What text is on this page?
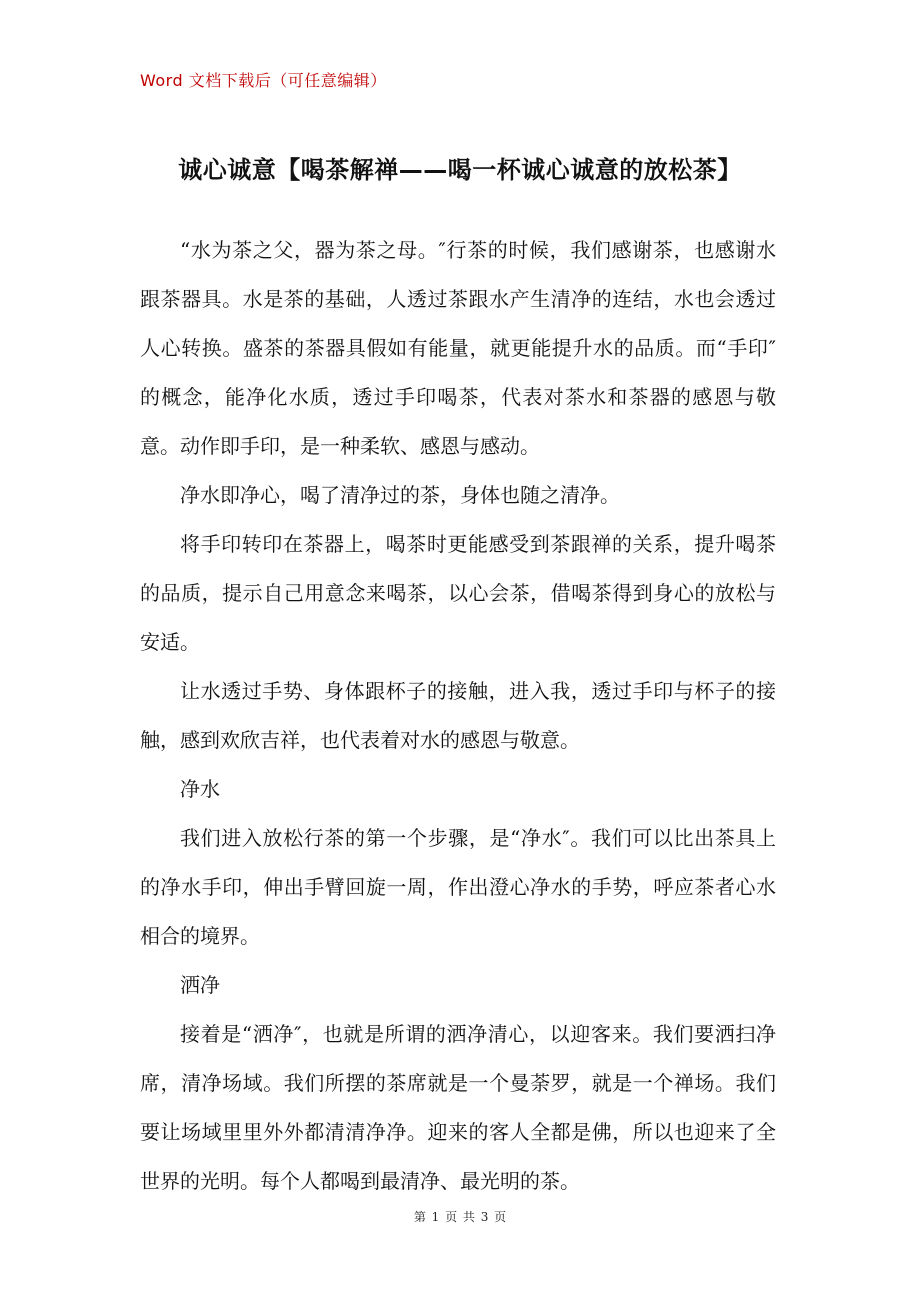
Word 文档下载后（可任意编辑）
诚心诚意【喝茶解禅——喝一杯诚心诚意的放松茶】

“水为茶之父，器为茶之母。″行茶的时候，我们感谢茶，也感谢水跟茶器具。水是茶的基础，人透过茶跟水产生清净的连结，水也会透过人心转换。盛茶的茶器具假如有能量，就更能提升水的品质。而“手印″的概念，能净化水质，透过手印喝茶，代表对茶水和茶器的感恩与敬意。动作即手印，是一种柔软、感恩与感动。

净水即净心，喝了清净过的茶，身体也随之清净。

将手印转印在茶器上，喝茶时更能感受到茶跟禅的关系，提升喝茶的品质，提示自己用意念来喝茶，以心会茶，借喝茶得到身心的放松与安适。

让水透过手势、身体跟杯子的接触，进入我，透过手印与杯子的接触，感到欢欣吉祥，也代表着对水的感恩与敬意。

净水

我们进入放松行茶的第一个步骤，是“净水″。我们可以比出茶具上的净水手印，伸出手臂回旋一周，作出澄心净水的手势，呼应茶者心水相合的境界。

洒净

接着是“洒净″，也就是所谓的洒净清心，以迎客来。我们要洒扫净席，清净场域。我们所摆的茶席就是一个曼荼罗，就是一个禅场。我们要让场域里里外外都清清净净。迎来的客人全都是佛，所以也迎来了全世界的光明。每个人都喝到最清净、最光明的茶。

第 1 页 共 3 页
